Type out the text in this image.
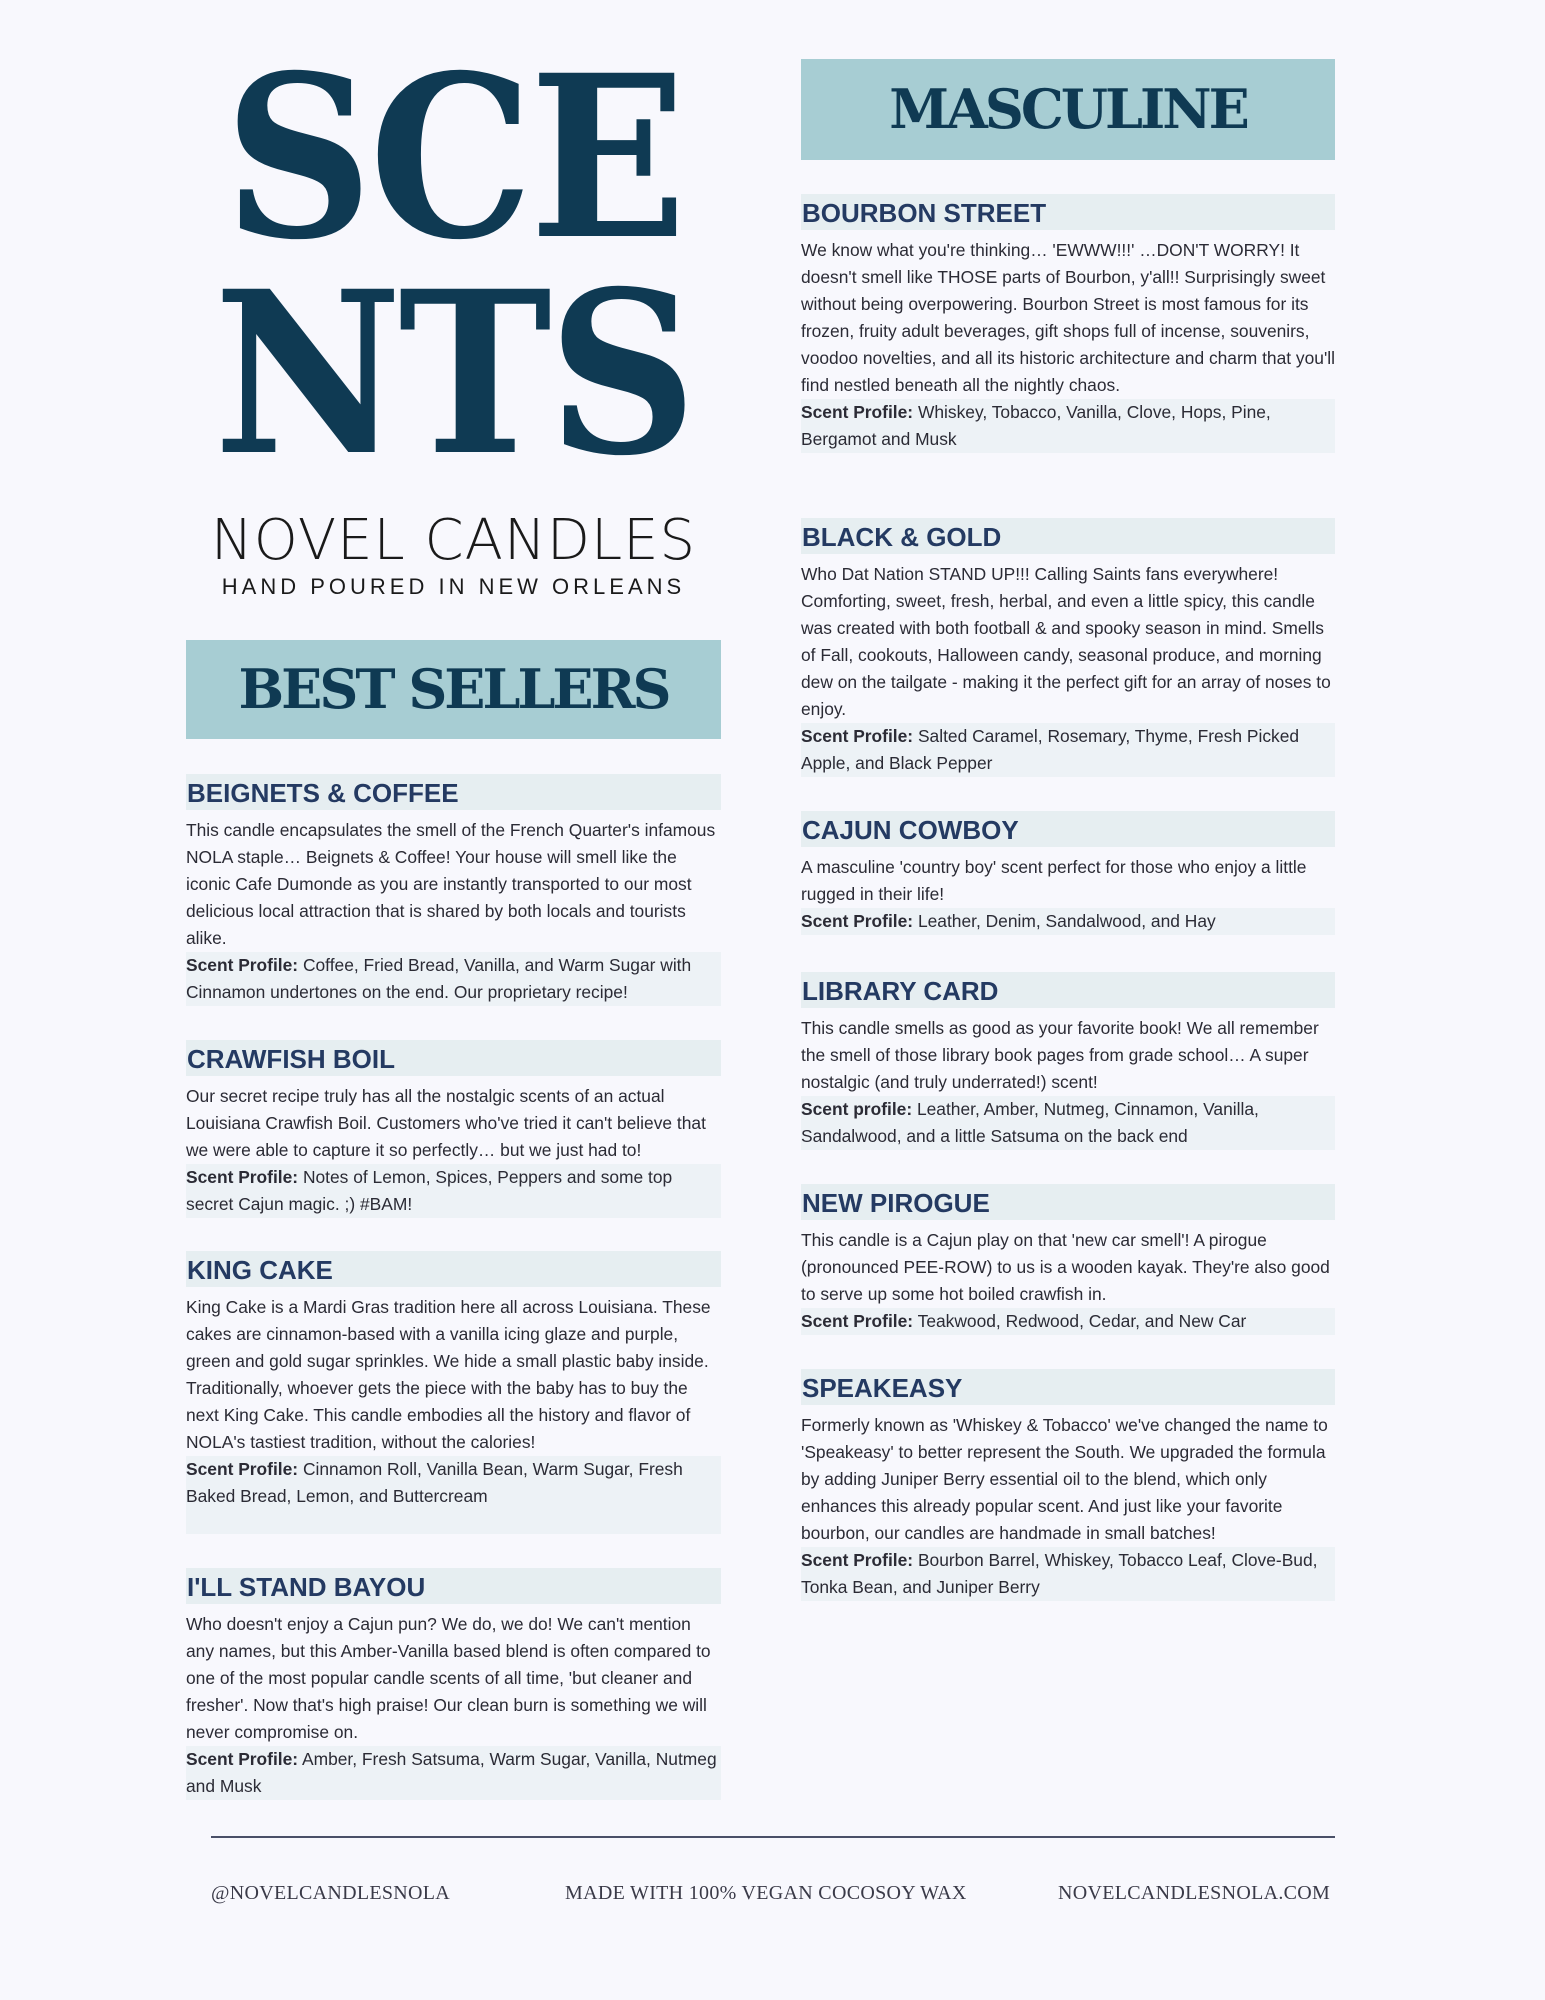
SCE
NTS
NOVEL CANDLES
HAND POURED IN NEW ORLEANS
BEST SELLERS
BEIGNETS & COFFEE
This candle encapsulates the smell of the French Quarter's infamous NOLA staple… Beignets & Coffee! Your house will smell like the iconic Cafe Dumonde as you are instantly transported to our most delicious local attraction that is shared by both locals and tourists alike.
Scent Profile: Coffee, Fried Bread, Vanilla, and Warm Sugar with Cinnamon undertones on the end. Our proprietary recipe!
CRAWFISH BOIL
Our secret recipe truly has all the nostalgic scents of an actual Louisiana Crawfish Boil. Customers who've tried it can't believe that we were able to capture it so perfectly… but we just had to!
Scent Profile: Notes of Lemon, Spices, Peppers and some top secret Cajun magic. ;) #BAM!
KING CAKE
King Cake is a Mardi Gras tradition here all across Louisiana. These cakes are cinnamon-based with a vanilla icing glaze and purple, green and gold sugar sprinkles. We hide a small plastic baby inside. Traditionally, whoever gets the piece with the baby has to buy the next King Cake. This candle embodies all the history and flavor of NOLA's tastiest tradition, without the calories!
Scent Profile: Cinnamon Roll, Vanilla Bean, Warm Sugar, Fresh Baked Bread, Lemon, and Buttercream
I'LL STAND BAYOU
Who doesn't enjoy a Cajun pun? We do, we do! We can't mention any names, but this Amber-Vanilla based blend is often compared to one of the most popular candle scents of all time, 'but cleaner and fresher'. Now that's high praise! Our clean burn is something we will never compromise on.
Scent Profile: Amber, Fresh Satsuma, Warm Sugar, Vanilla, Nutmeg and Musk
MASCULINE
BOURBON STREET
We know what you're thinking… 'EWWW!!!' …DON'T WORRY! It doesn't smell like THOSE parts of Bourbon, y'all!! Surprisingly sweet without being overpowering. Bourbon Street is most famous for its frozen, fruity adult beverages, gift shops full of incense, souvenirs, voodoo novelties, and all its historic architecture and charm that you'll find nestled beneath all the nightly chaos.
Scent Profile: Whiskey, Tobacco, Vanilla, Clove, Hops, Pine, Bergamot and Musk
BLACK & GOLD
Who Dat Nation STAND UP!!! Calling Saints fans everywhere! Comforting, sweet, fresh, herbal, and even a little spicy, this candle was created with both football & and spooky season in mind. Smells of Fall, cookouts, Halloween candy, seasonal produce, and morning dew on the tailgate - making it the perfect gift for an array of noses to enjoy.
Scent Profile: Salted Caramel, Rosemary, Thyme, Fresh Picked Apple, and Black Pepper
CAJUN COWBOY
A masculine 'country boy' scent perfect for those who enjoy a little rugged in their life!
Scent Profile: Leather, Denim, Sandalwood, and Hay
LIBRARY CARD
This candle smells as good as your favorite book! We all remember the smell of those library book pages from grade school… A super nostalgic (and truly underrated!) scent!
Scent profile: Leather, Amber, Nutmeg, Cinnamon, Vanilla, Sandalwood, and a little Satsuma on the back end
NEW PIROGUE
This candle is a Cajun play on that 'new car smell'! A pirogue (pronounced PEE-ROW) to us is a wooden kayak. They're also good to serve up some hot boiled crawfish in.
Scent Profile: Teakwood, Redwood, Cedar, and New Car
SPEAKEASY
Formerly known as 'Whiskey & Tobacco' we've changed the name to 'Speakeasy' to better represent the South. We upgraded the formula by adding Juniper Berry essential oil to the blend, which only enhances this already popular scent. And just like your favorite bourbon, our candles are handmade in small batches!
Scent Profile: Bourbon Barrel, Whiskey, Tobacco Leaf, Clove-Bud, Tonka Bean, and Juniper Berry
@NOVELCANDLESNOLA	MADE WITH 100% VEGAN COCOSOY WAX	NOVELCANDLESNOLA.COM
